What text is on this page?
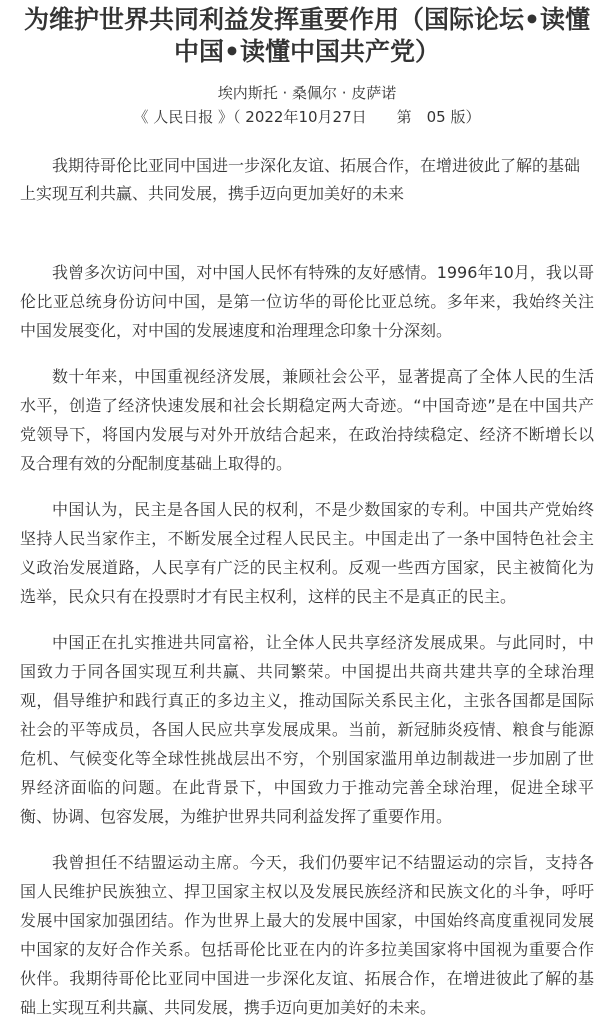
为维护世界共同利益发挥重要作用（国际论坛•读懂中国•读懂中国共产党）
埃内斯托 · 桑佩尔 · 皮萨诺
《 人民日报 》（ 2022年10月27日　　第　05 版）
我期待哥伦比亚同中国进一步深化友谊、拓展合作，在增进彼此了解的基础上实现互利共赢、共同发展，携手迈向更加美好的未来

我曾多次访问中国，对中国人民怀有特殊的友好感情。1996年10月，我以哥伦比亚总统身份访问中国，是第一位访华的哥伦比亚总统。多年来，我始终关注中国发展变化，对中国的发展速度和治理理念印象十分深刻。

数十年来，中国重视经济发展，兼顾社会公平，显著提高了全体人民的生活水平，创造了经济快速发展和社会长期稳定两大奇迹。“中国奇迹”是在中国共产党领导下，将国内发展与对外开放结合起来，在政治持续稳定、经济不断增长以及合理有效的分配制度基础上取得的。

中国认为，民主是各国人民的权利，不是少数国家的专利。中国共产党始终坚持人民当家作主，不断发展全过程人民民主。中国走出了一条中国特色社会主义政治发展道路，人民享有广泛的民主权利。反观一些西方国家，民主被简化为选举，民众只有在投票时才有民主权利，这样的民主不是真正的民主。

中国正在扎实推进共同富裕，让全体人民共享经济发展成果。与此同时，中国致力于同各国实现互利共赢、共同繁荣。中国提出共商共建共享的全球治理观，倡导维护和践行真正的多边主义，推动国际关系民主化，主张各国都是国际社会的平等成员，各国人民应共享发展成果。当前，新冠肺炎疫情、粮食与能源危机、气候变化等全球性挑战层出不穷，个别国家滥用单边制裁进一步加剧了世界经济面临的问题。在此背景下，中国致力于推动完善全球治理，促进全球平衡、协调、包容发展，为维护世界共同利益发挥了重要作用。

我曾担任不结盟运动主席。今天，我们仍要牢记不结盟运动的宗旨，支持各国人民维护民族独立、捍卫国家主权以及发展民族经济和民族文化的斗争，呼吁发展中国家加强团结。作为世界上最大的发展中国家，中国始终高度重视同发展中国家的友好合作关系。包括哥伦比亚在内的许多拉美国家将中国视为重要合作伙伴。我期待哥伦比亚同中国进一步深化友谊、拓展合作，在增进彼此了解的基础上实现互利共赢、共同发展，携手迈向更加美好的未来。
